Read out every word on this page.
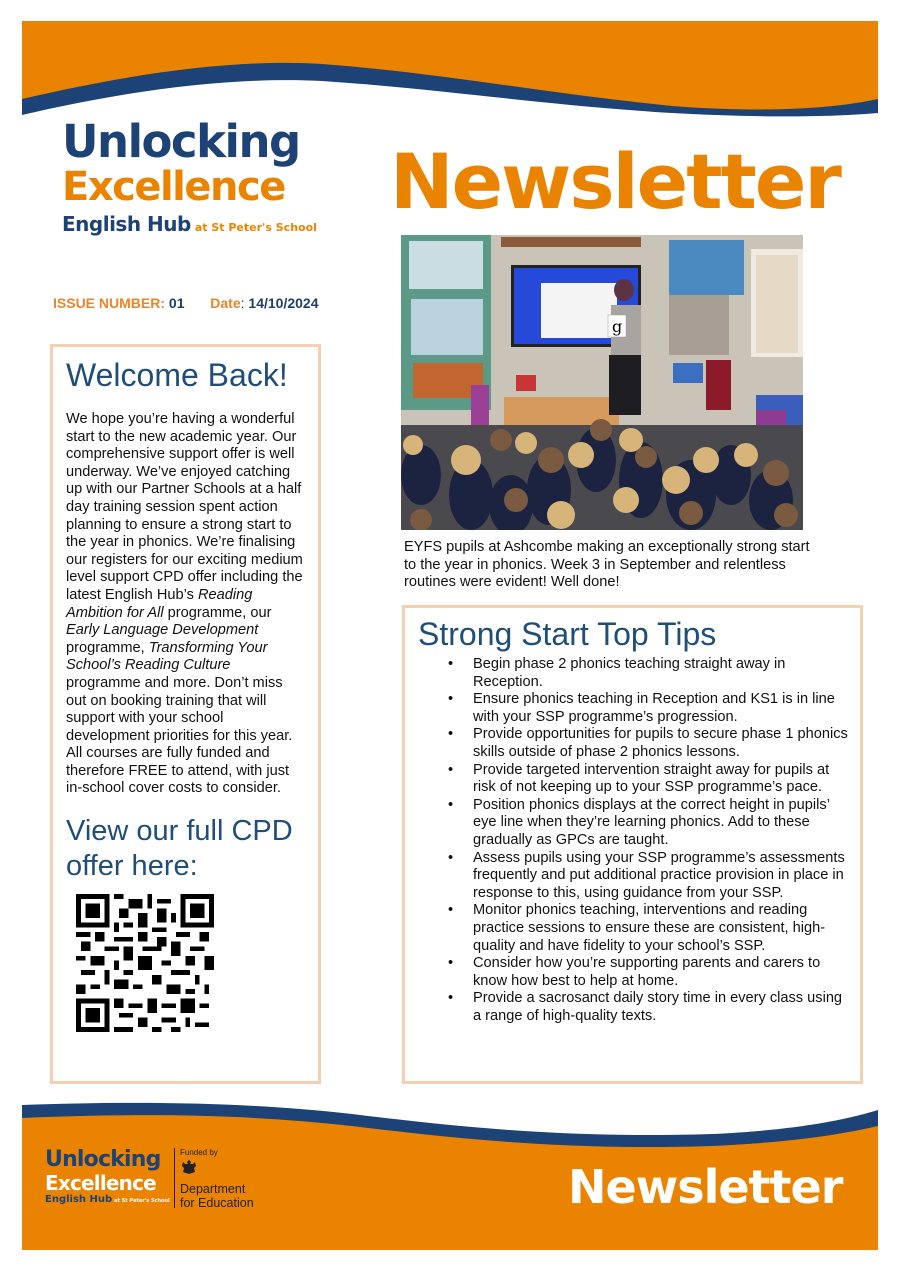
Unlocking
Excellence
English Hub at St Peter's School
Newsletter
ISSUE NUMBER: 01 Date: 14/10/2024
Welcome Back!
We hope you’re having a wonderful start to the new academic year. Our comprehensive support offer is well underway. We’ve enjoyed catching up with our Partner Schools at a half day training session spent action planning to ensure a strong start to the year in phonics. We’re finalising our registers for our exciting medium level support CPD offer including the latest English Hub’s Reading Ambition for All programme, our Early Language Development programme, Transforming Your School’s Reading Culture programme and more. Don’t miss out on booking training that will support with your school development priorities for this year. All courses are fully funded and therefore FREE to attend, with just in-school cover costs to consider.
View our full CPD offer here:
g
EYFS pupils at Ashcombe making an exceptionally strong start to the year in phonics. Week 3 in September and relentless routines were evident! Well done!
Strong Start Top Tips
• Begin phase 2 phonics teaching straight away in Reception.
• Ensure phonics teaching in Reception and KS1 is in line with your SSP programme’s progression.
• Provide opportunities for pupils to secure phase 1 phonics skills outside of phase 2 phonics lessons.
• Provide targeted intervention straight away for pupils at risk of not keeping up to your SSP programme’s pace.
• Position phonics displays at the correct height in pupils’ eye line when they’re learning phonics. Add to these gradually as GPCs are taught.
• Assess pupils using your SSP programme’s assessments frequently and put additional practice provision in place in response to this, using guidance from your SSP.
• Monitor phonics teaching, interventions and reading practice sessions to ensure these are consistent, high-quality and have fidelity to your school’s SSP.
• Consider how you’re supporting parents and carers to know how best to help at home.
• Provide a sacrosanct daily story time in every class using a range of high-quality texts.
Unlocking
Excellence
English Hub at St Peter's School
Funded by
Department
for Education	Newsletter
